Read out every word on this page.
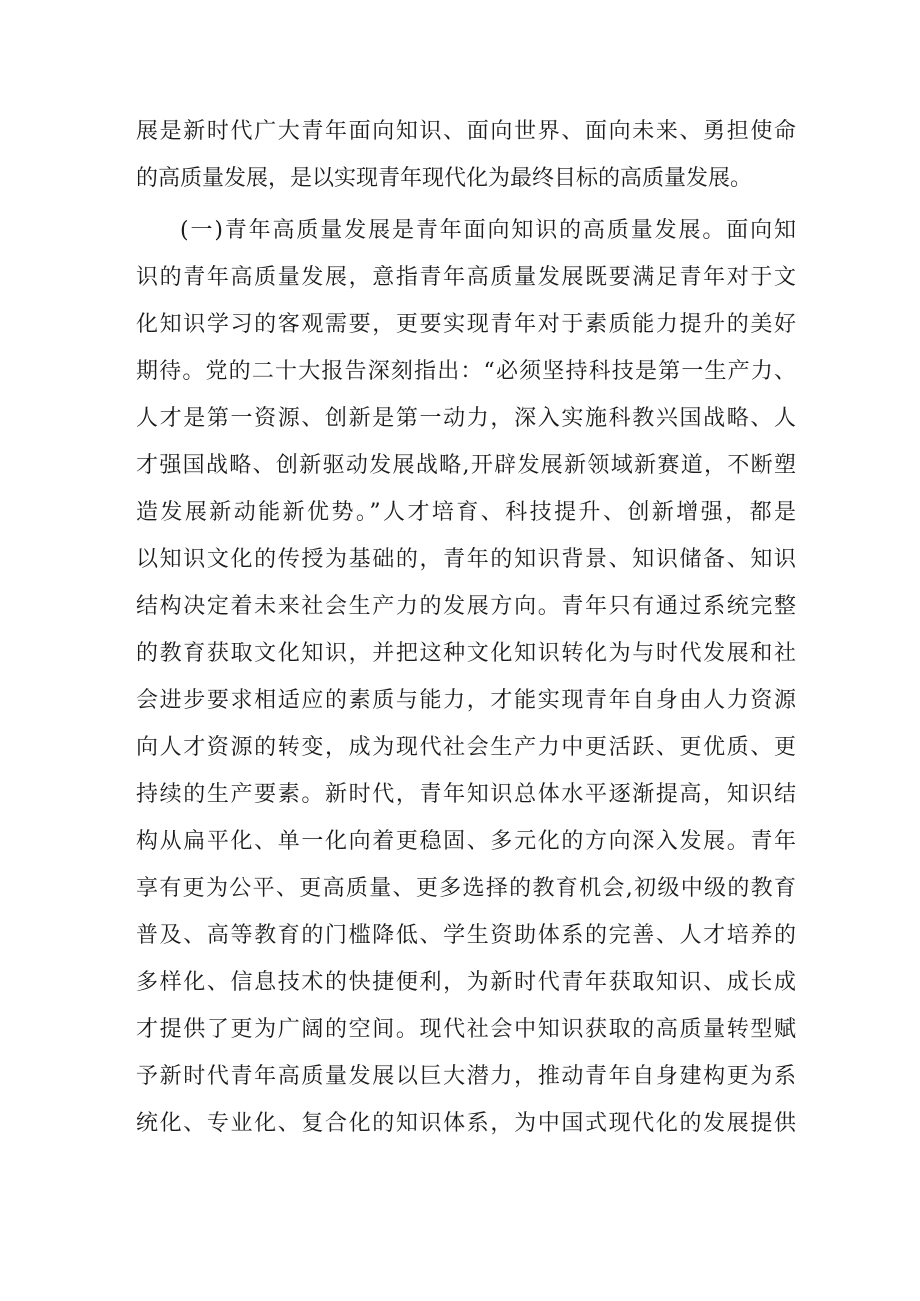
展是新时代广大青年面向知识、面向世界、面向未来、勇担使命
的高质量发展，是以实现青年现代化为最终目标的高质量发展。
(一)青年高质量发展是青年面向知识的高质量发展。面向知
识的青年高质量发展，意指青年高质量发展既要满足青年对于文
化知识学习的客观需要，更要实现青年对于素质能力提升的美好
期待。党的二十大报告深刻指出：“必须坚持科技是第一生产力、
人才是第一资源、创新是第一动力，深入实施科教兴国战略、人
才强国战略、创新驱动发展战略,开辟发展新领域新赛道，不断塑
造发展新动能新优势。”人才培育、科技提升、创新增强，都是
以知识文化的传授为基础的，青年的知识背景、知识储备、知识
结构决定着未来社会生产力的发展方向。青年只有通过系统完整
的教育获取文化知识，并把这种文化知识转化为与时代发展和社
会进步要求相适应的素质与能力，才能实现青年自身由人力资源
向人才资源的转变，成为现代社会生产力中更活跃、更优质、更
持续的生产要素。新时代，青年知识总体水平逐渐提高，知识结
构从扁平化、单一化向着更稳固、多元化的方向深入发展。青年
享有更为公平、更高质量、更多选择的教育机会,初级中级的教育
普及、高等教育的门槛降低、学生资助体系的完善、人才培养的
多样化、信息技术的快捷便利，为新时代青年获取知识、成长成
才提供了更为广阔的空间。现代社会中知识获取的高质量转型赋
予新时代青年高质量发展以巨大潜力，推动青年自身建构更为系
统化、专业化、复合化的知识体系，为中国式现代化的发展提供
